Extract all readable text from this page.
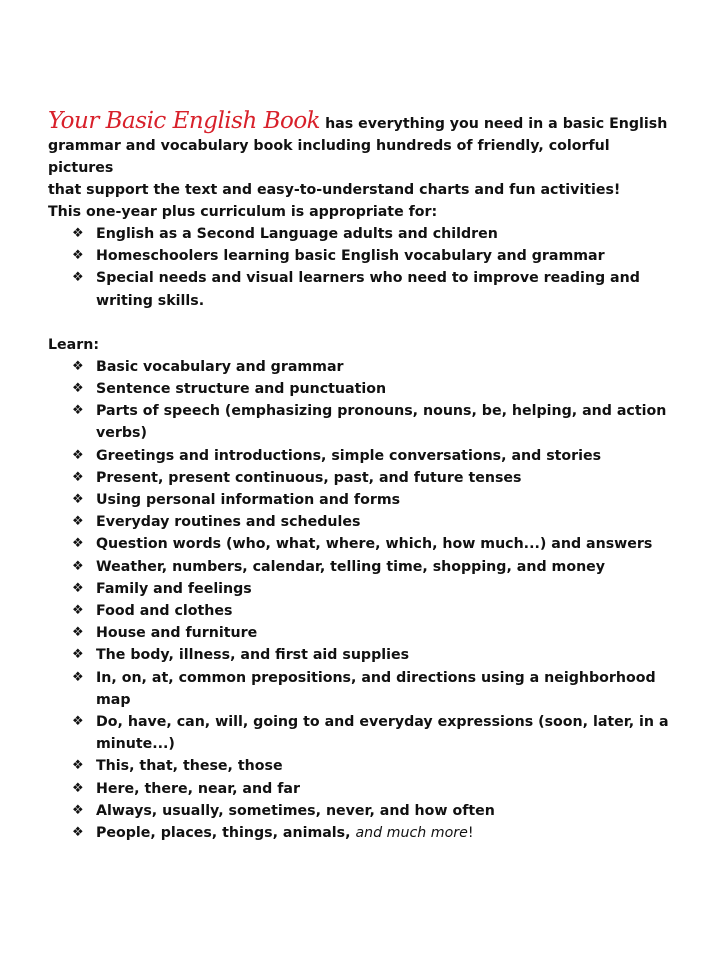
Your Basic English Book has everything you need in a basic English
grammar and vocabulary book including hundreds of friendly, colorful pictures
that support the text and easy-to-understand charts and fun activities!
This one-year plus curriculum is appropriate for:

❖ English as a Second Language adults and children
❖ Homeschoolers learning basic English vocabulary and grammar
❖ Special needs and visual learners who need to improve reading and writing skills.
Learn:
❖ Basic vocabulary and grammar
❖ Sentence structure and punctuation
❖ Parts of speech (emphasizing pronouns, nouns, be, helping, and action verbs)
❖ Greetings and introductions, simple conversations, and stories
❖ Present, present continuous, past, and future tenses
❖ Using personal information and forms
❖ Everyday routines and schedules
❖ Question words (who, what, where, which, how much...) and answers
❖ Weather, numbers, calendar, telling time, shopping, and money
❖ Family and feelings
❖ Food and clothes
❖ House and furniture
❖ The body, illness, and first aid supplies
❖ In, on, at, common prepositions, and directions using a neighborhood map
❖ Do, have, can, will, going to and everyday expressions (soon, later, in a minute...)
❖ This, that, these, those
❖ Here, there, near, and far
❖ Always, usually, sometimes, never, and how often
❖ People, places, things, animals, and much more!
